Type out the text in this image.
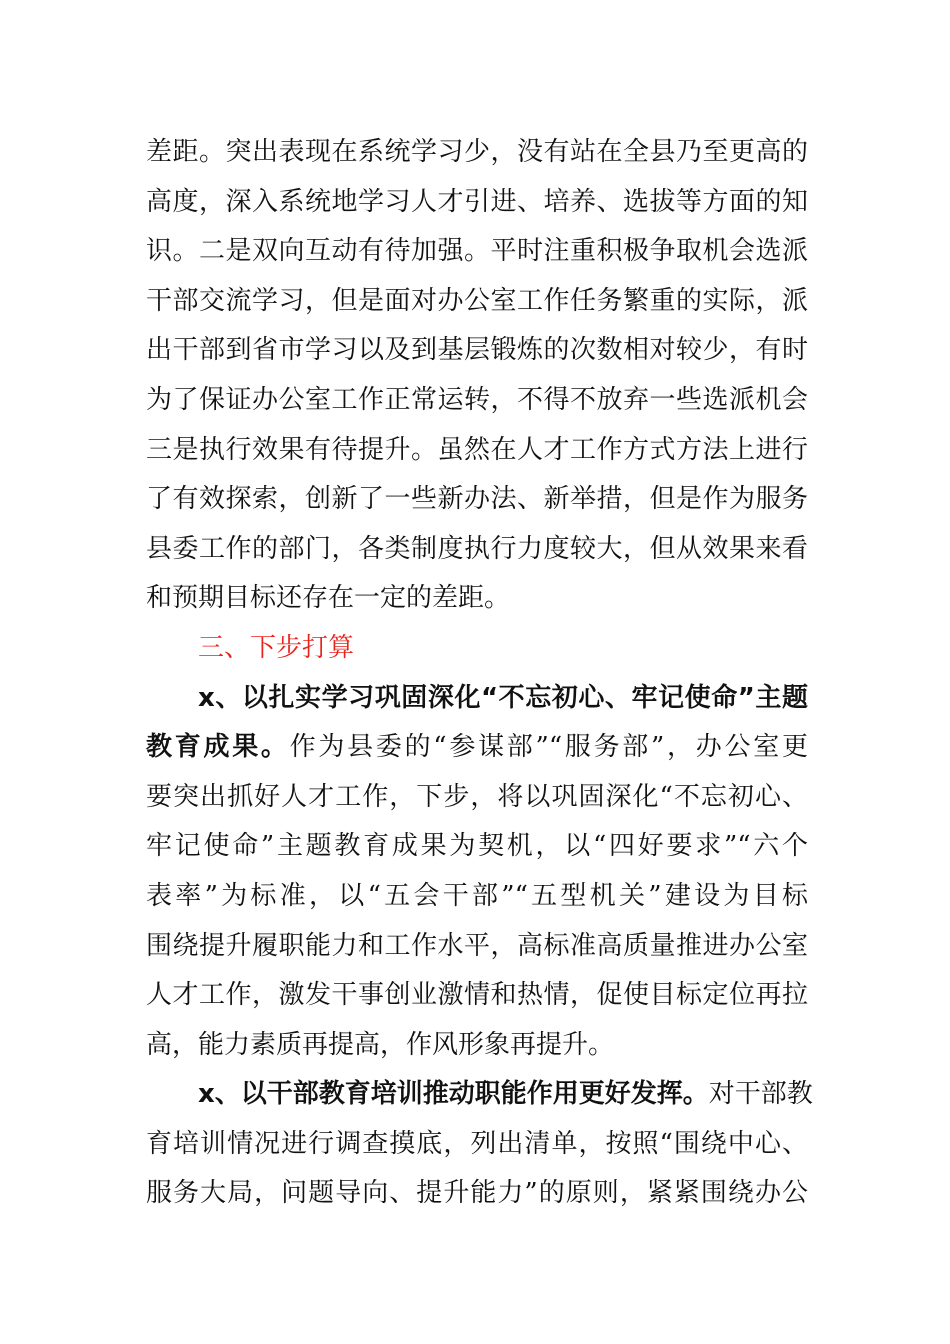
差距。突出表现在系统学习少，没有站在全县乃至更高的
高度，深入系统地学习人才引进、培养、选拔等方面的知
识。二是双向互动有待加强。平时注重积极争取机会选派
干部交流学习，但是面对办公室工作任务繁重的实际，派
出干部到省市学习以及到基层锻炼的次数相对较少，有时
为了保证办公室工作正常运转，不得不放弃一些选派机会
三是执行效果有待提升。虽然在人才工作方式方法上进行
了有效探索，创新了一些新办法、新举措，但是作为服务
县委工作的部门，各类制度执行力度较大，但从效果来看
和预期目标还存在一定的差距。
三、下步打算
x、以扎实学习巩固深化“不忘初心、牢记使命”主题
教育成果。作为县委的“参谋部”“服务部”，办公室更
要突出抓好人才工作，下步，将以巩固深化“不忘初心、
牢记使命”主题教育成果为契机，以“四好要求”“六个
表率”为标准，以“五会干部”“五型机关”建设为目标
围绕提升履职能力和工作水平，高标准高质量推进办公室
人才工作，激发干事创业激情和热情，促使目标定位再拉
高，能力素质再提高，作风形象再提升。
x、以干部教育培训推动职能作用更好发挥。对干部教
育培训情况进行调查摸底，列出清单，按照“围绕中心、
服务大局，问题导向、提升能力”的原则，紧紧围绕办公
